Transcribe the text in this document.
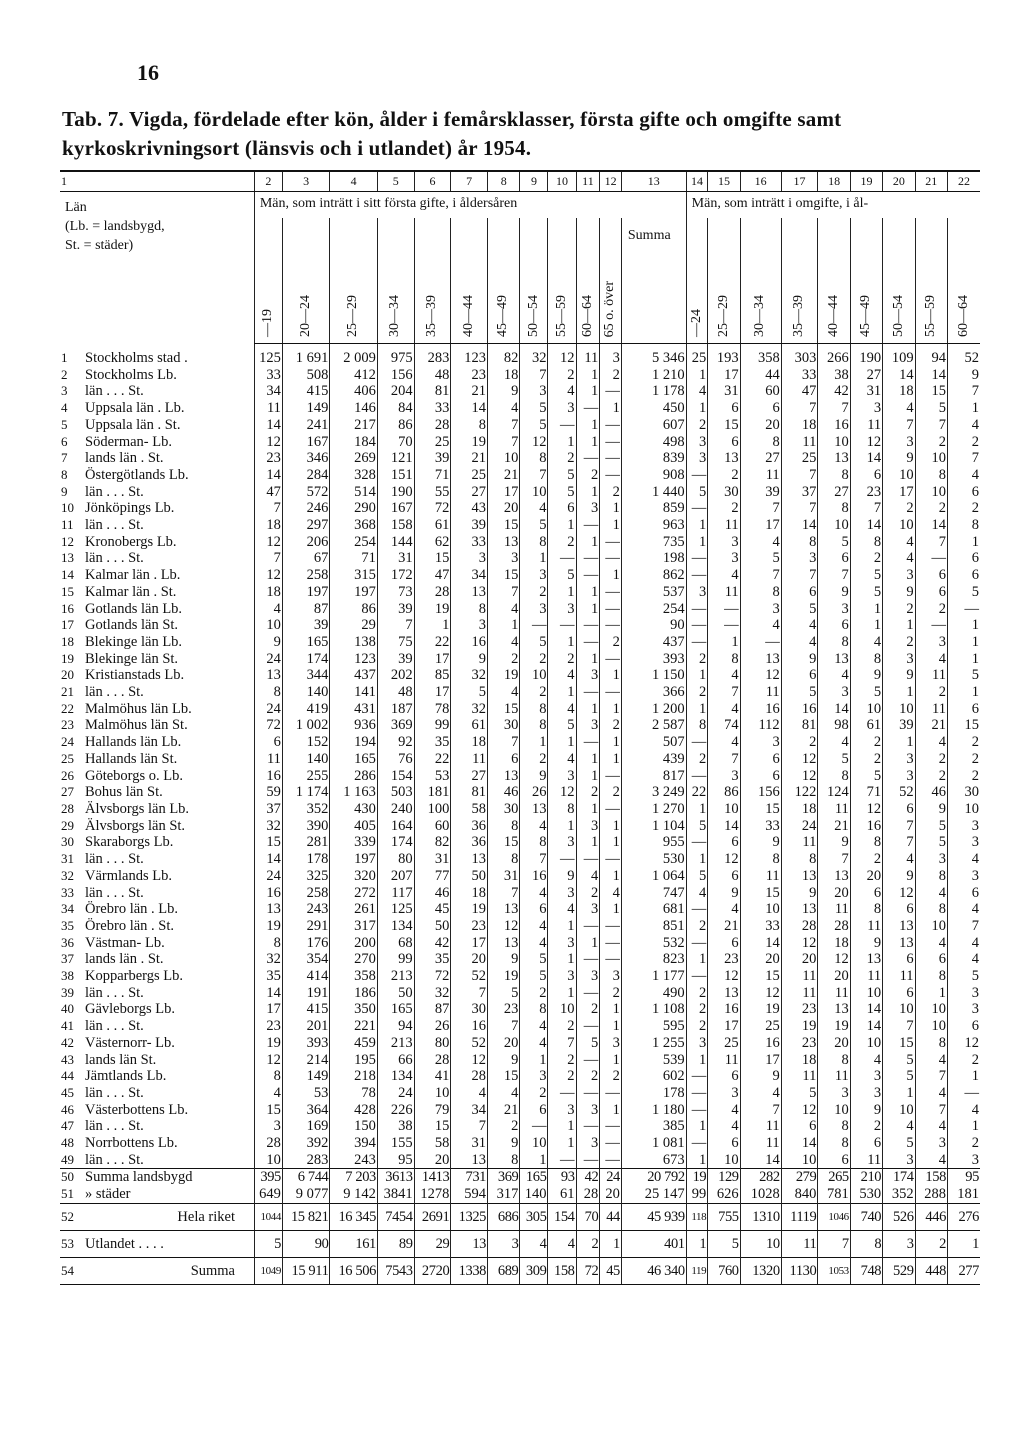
16
Tab. 7. Vigda, fördelade efter kön, ålder i femårsklasser, första gifte och omgifte samt kyrkoskrivningsort (länsvis och i utlandet) år 1954.
1	2	3	4	5	6	7	8	9	10	11	12	13	14	15	16	17	18	19	20	21	22

Län
(Lb. = landsbygd,
St. = städer)	Män, som inträtt i sitt första gifte, i åldersåren												Män, som inträtt i omgifte, i ål-								

	—19	20—24	25—29	30—34	35—39	40—44	45—49	50—54	55—59	60—64	65 o. över	Summa	—24	25—29	30—34	35—39	40—44	45—49	50—54	55—59	60—64

1 Stockholms stad .	125	1 691	2 009	975	283	123	82	32	12	11	3	5 346	25	193	358	303	266	190	109	94	52
2 Stockholms Lb.	33	508	412	156	48	23	18	7	2	1	2	1 210	1	17	44	33	38	27	14	14	9
3 län . . . St.	34	415	406	204	81	21	9	3	4	1	—	1 178	4	31	60	47	42	31	18	15	7
4 Uppsala län . Lb.	11	149	146	84	33	14	4	5	3	—	1	450	1	6	6	7	7	3	4	5	1
5 Uppsala län . St.	14	241	217	86	28	8	7	5	—	1	—	607	2	15	20	18	16	11	7	7	4
6 Söderman- Lb.	12	167	184	70	25	19	7	12	1	1	—	498	3	6	8	11	10	12	3	2	2
7 lands län . St.	23	346	269	121	39	21	10	8	2	—	—	839	3	13	27	25	13	14	9	10	7
8 Östergötlands Lb.	14	284	328	151	71	25	21	7	5	2	—	908	—	2	11	7	8	6	10	8	4
9 län . . . St.	47	572	514	190	55	27	17	10	5	1	2	1 440	5	30	39	37	27	23	17	10	6
10 Jönköpings Lb.	7	246	290	167	72	43	20	4	6	3	1	859	—	2	7	7	8	7	2	2	2
11 län . . . St.	18	297	368	158	61	39	15	5	1	—	1	963	1	11	17	14	10	14	10	14	8
12 Kronobergs Lb.	12	206	254	144	62	33	13	8	2	1	—	735	1	3	4	8	5	8	4	7	1
13 län . . . St.	7	67	71	31	15	3	3	1	—	—	—	198	—	3	5	3	6	2	4	—	6
14 Kalmar län . Lb.	12	258	315	172	47	34	15	3	5	—	1	862	—	4	7	7	7	5	3	6	6
15 Kalmar län . St.	18	197	197	73	28	13	7	2	1	1	—	537	3	11	8	6	9	5	9	6	5
16 Gotlands län Lb.	4	87	86	39	19	8	4	3	3	1	—	254	—	—	3	5	3	1	2	2	—
17 Gotlands län St.	10	39	29	7	1	3	1	—	—	—	—	90	—	—	4	4	6	1	1	—	1
18 Blekinge län Lb.	9	165	138	75	22	16	4	5	1	—	2	437	—	1	—	4	8	4	2	3	1
19 Blekinge län St.	24	174	123	39	17	9	2	2	2	1	—	393	2	8	13	9	13	8	3	4	1
20 Kristianstads Lb.	13	344	437	202	85	32	19	10	4	3	1	1 150	1	4	12	6	4	9	9	11	5
21 län . . . St.	8	140	141	48	17	5	4	2	1	—	—	366	2	7	11	5	3	5	1	2	1
22 Malmöhus län Lb.	24	419	431	187	78	32	15	8	4	1	1	1 200	1	4	16	16	14	10	10	11	6
23 Malmöhus län St.	72	1 002	936	369	99	61	30	8	5	3	2	2 587	8	74	112	81	98	61	39	21	15
24 Hallands län Lb.	6	152	194	92	35	18	7	1	1	—	1	507	—	4	3	2	4	2	1	4	2
25 Hallands län St.	11	140	165	76	22	11	6	2	4	1	1	439	2	7	6	12	5	2	3	2	2
26 Göteborgs o. Lb.	16	255	286	154	53	27	13	9	3	1	—	817	—	3	6	12	8	5	3	2	2
27 Bohus län St.	59	1 174	1 163	503	181	81	46	26	12	2	2	3 249	22	86	156	122	124	71	52	46	30
28 Älvsborgs län Lb.	37	352	430	240	100	58	30	13	8	1	—	1 270	1	10	15	18	11	12	6	9	10
29 Älvsborgs län St.	32	390	405	164	60	36	8	4	1	3	1	1 104	5	14	33	24	21	16	7	5	3
30 Skaraborgs Lb.	15	281	339	174	82	36	15	8	3	1	1	955	—	6	9	11	9	8	7	5	3
31 län . . . St.	14	178	197	80	31	13	8	7	—	—	—	530	1	12	8	8	7	2	4	3	4
32 Värmlands Lb.	24	325	320	207	77	50	31	16	9	4	1	1 064	5	6	11	13	13	20	9	8	3
33 län . . . St.	16	258	272	117	46	18	7	4	3	2	4	747	4	9	15	9	20	6	12	4	6
34 Örebro län . Lb.	13	243	261	125	45	19	13	6	4	3	1	681	—	4	10	13	11	8	6	8	4
35 Örebro län . St.	19	291	317	134	50	23	12	4	1	—	—	851	2	21	33	28	28	11	13	10	7
36 Västman- Lb.	8	176	200	68	42	17	13	4	3	1	—	532	—	6	14	12	18	9	13	4	4
37 lands län . St.	32	354	270	99	35	20	9	5	1	—	—	823	1	23	20	20	12	13	6	6	4
38 Kopparbergs Lb.	35	414	358	213	72	52	19	5	3	3	3	1 177	—	12	15	11	20	11	11	8	5
39 län . . . St.	14	191	186	50	32	7	5	2	1	—	2	490	2	13	12	11	11	10	6	1	3
40 Gävleborgs Lb.	17	415	350	165	87	30	23	8	10	2	1	1 108	2	16	19	23	13	14	10	10	3
41 län . . . St.	23	201	221	94	26	16	7	4	2	—	1	595	2	17	25	19	19	14	7	10	6
42 Västernorr- Lb.	19	393	459	213	80	52	20	4	7	5	3	1 255	3	25	16	23	20	10	15	8	12
43 lands län St.	12	214	195	66	28	12	9	1	2	—	1	539	1	11	17	18	8	4	5	4	2
44 Jämtlands Lb.	8	149	218	134	41	28	15	3	2	2	2	602	—	6	9	11	11	3	5	7	1
45 län . . . St.	4	53	78	24	10	4	4	2	—	—	—	178	—	3	4	5	3	3	1	4	—
46 Västerbottens Lb.	15	364	428	226	79	34	21	6	3	3	1	1 180	—	4	7	12	10	9	10	7	4
47 län . . . St.	3	169	150	38	15	7	2	—	1	—	—	385	1	4	11	6	8	2	4	4	1
48 Norrbottens Lb.	28	392	394	155	58	31	9	10	1	3	—	1 081	—	6	11	14	8	6	5	3	2
49 län . . . St.	10	283	243	95	20	13	8	1	—	—	—	673	1	10	14	10	6	11	3	4	3
50 Summa landsbygd	395	6 744	7 203	3613	1413	731	369	165	93	42	24	20 792	19	129	282	279	265	210	174	158	95
51 » städer	649	9 077	9 142	3841	1278	594	317	140	61	28	20	25 147	99	626	1028	840	781	530	352	288	181
52 Hela riket	1044	15 821	16 345	7454	2691	1325	686	305	154	70	44	45 939	118	755	1310	1119	1046	740	526	446	276
53 Utlandet . . . .	5	90	161	89	29	13	3	4	4	2	1	401	1	5	10	11	7	8	3	2	1
54 Summa	1049	15 911	16 506	7543	2720	1338	689	309	158	72	45	46 340	119	760	1320	1130	1053	748	529	448	277
